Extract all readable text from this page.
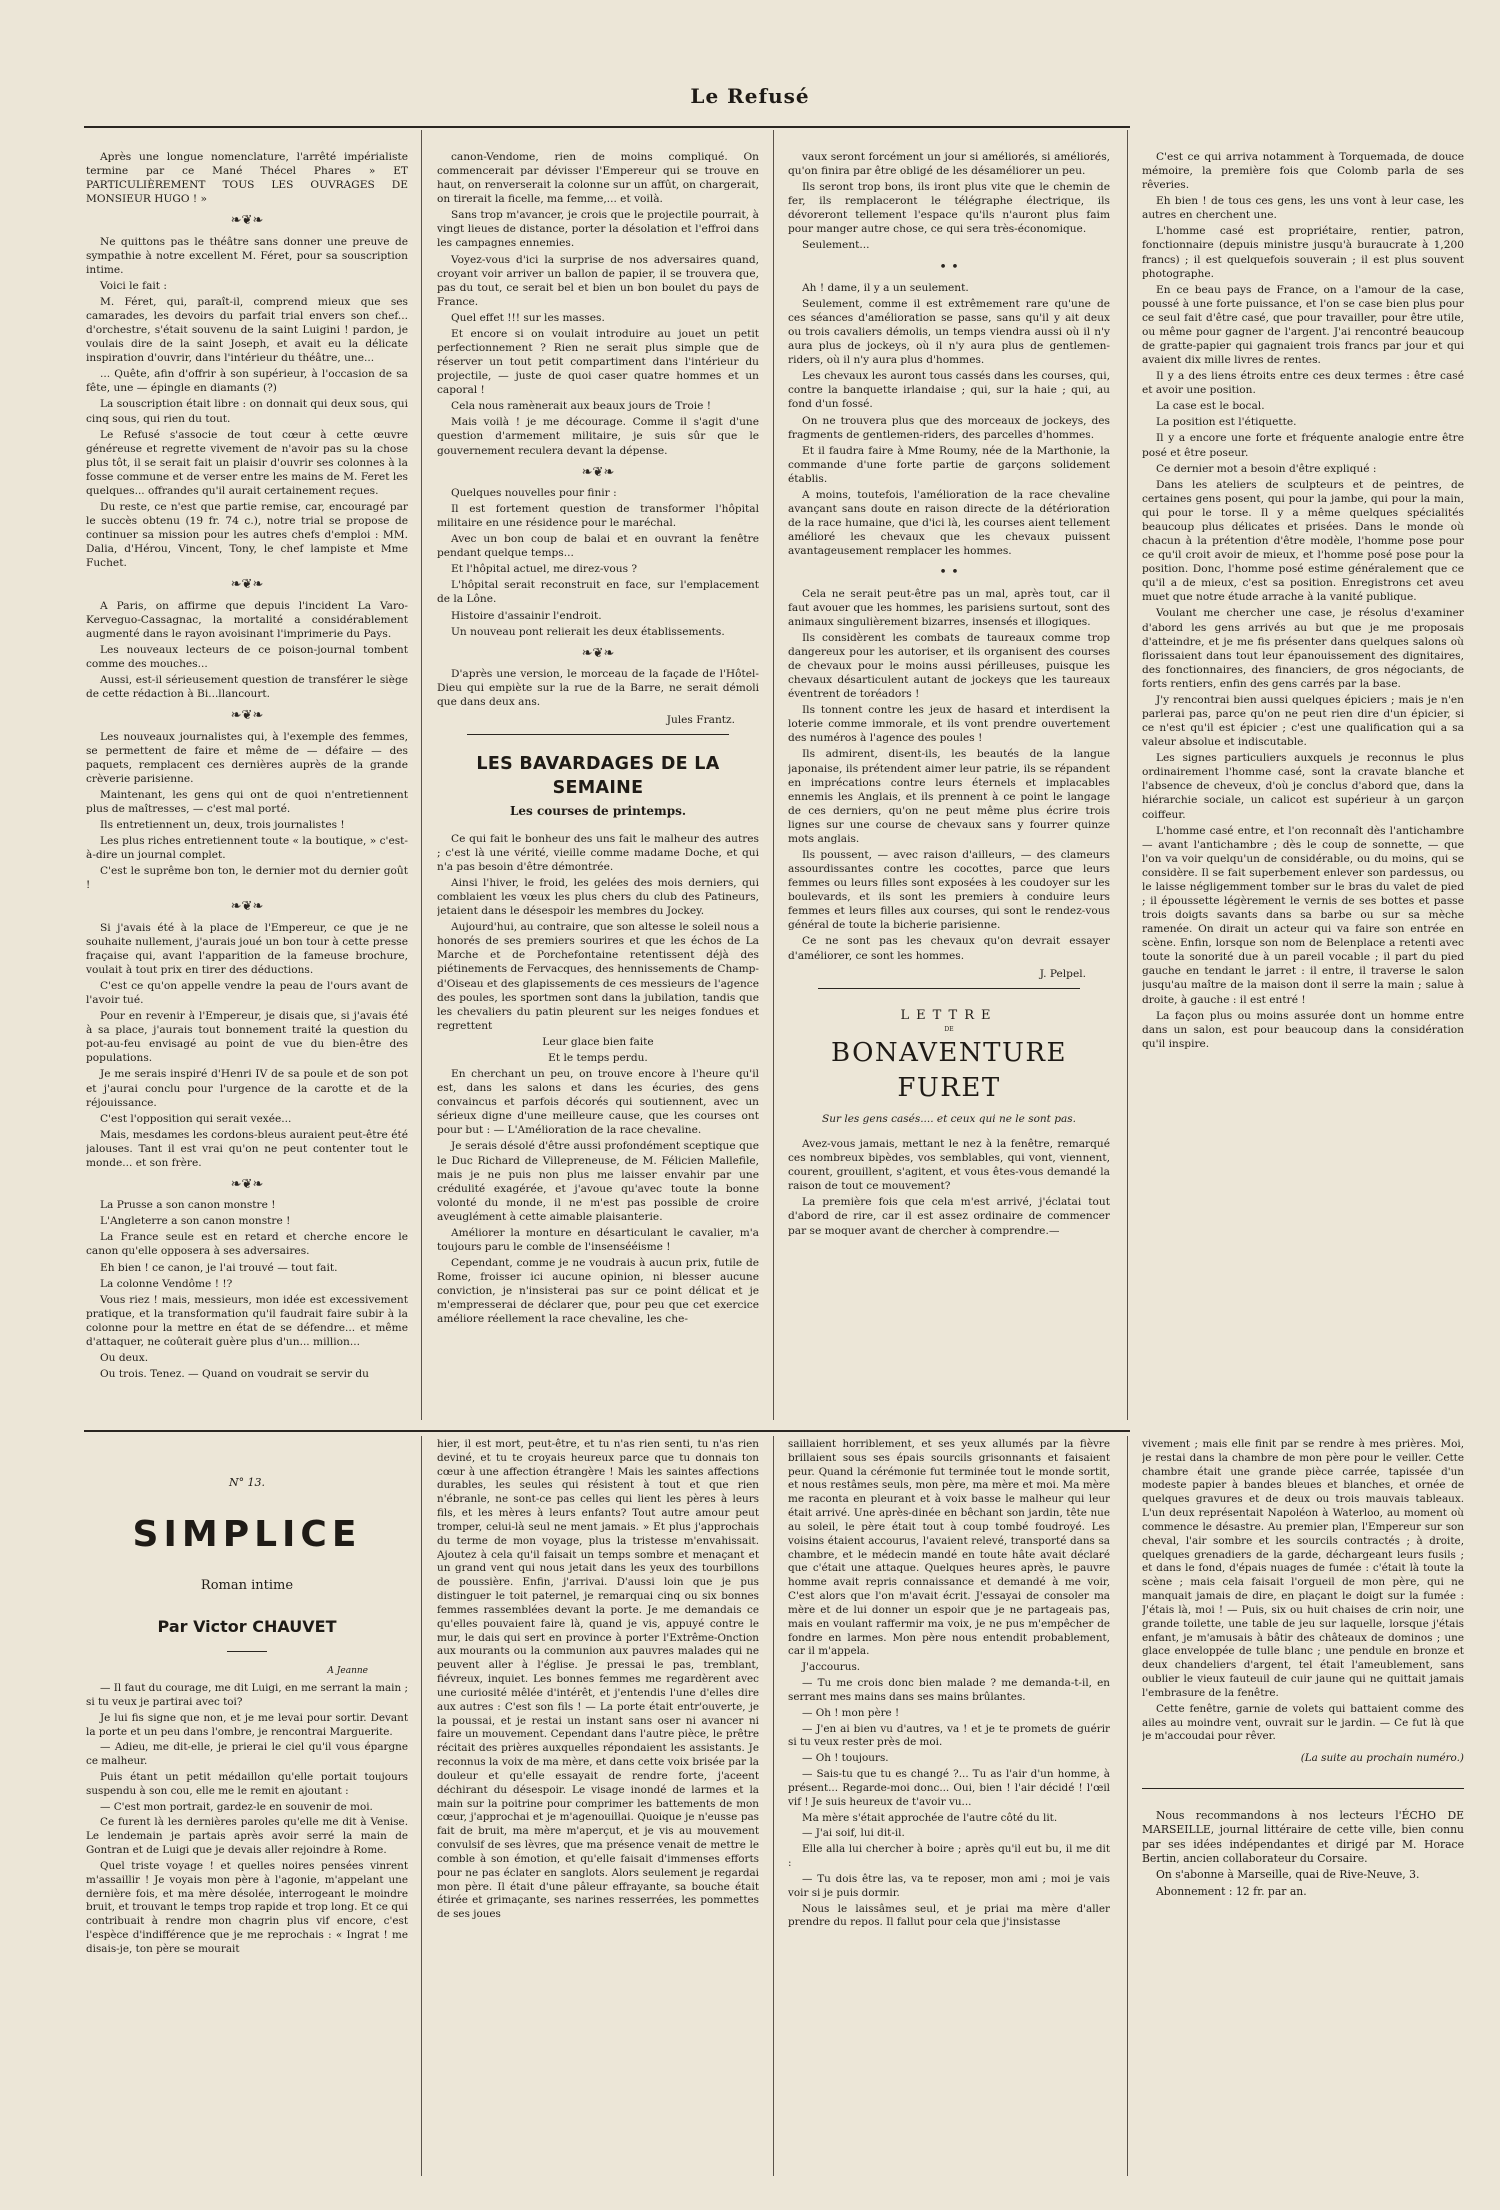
Le Refusé

Après une longue nomenclature, l'arrêté impérialiste termine par ce Mané Thécel Phares » ET PARTICULIÈREMENT TOUS LES OUVRAGES DE MONSIEUR HUGO ! »

❧❦❧

Ne quittons pas le théâtre sans donner une preuve de sympathie à notre excellent M. Féret, pour sa souscription intime.

Voici le fait :

M. Féret, qui, paraît-il, comprend mieux que ses camarades, les devoirs du parfait trial envers son chef... d'orchestre, s'était souvenu de la saint Luigini ! pardon, je voulais dire de la saint Joseph, et avait eu la délicate inspiration d'ouvrir, dans l'intérieur du théâtre, une...

... Quête, afin d'offrir à son supérieur, à l'occasion de sa fête, une — épingle en diamants (?)

La souscription était libre : on donnait qui deux sous, qui cinq sous, qui rien du tout.

Le Refusé s'associe de tout cœur à cette œuvre généreuse et regrette vivement de n'avoir pas su la chose plus tôt, il se serait fait un plaisir d'ouvrir ses colonnes à la fosse commune et de verser entre les mains de M. Feret les quelques... offrandes qu'il aurait certainement reçues.

Du reste, ce n'est que partie remise, car, encouragé par le succès obtenu (19 fr. 74 c.), notre trial se propose de continuer sa mission pour les autres chefs d'emploi : MM. Dalia, d'Hérou, Vincent, Tony, le chef lampiste et Mme Fuchet.

❧❦❧

A Paris, on affirme que depuis l'incident La Varo-Kerveguo-Cassagnac, la mortalité a considérablement augmenté dans le rayon avoisinant l'imprimerie du Pays.

Les nouveaux lecteurs de ce poison-journal tombent comme des mouches...

Aussi, est-il sérieusement question de transférer le siège de cette rédaction à Bi...llancourt.

❧❦❧

Les nouveaux journalistes qui, à l'exemple des femmes, se permettent de faire et même de — défaire — des paquets, remplacent ces dernières auprès de la grande crèverie parisienne.

Maintenant, les gens qui ont de quoi n'entretiennent plus de maîtresses, — c'est mal porté.

Ils entretiennent un, deux, trois journalistes !

Les plus riches entretiennent toute « la boutique, » c'est-à-dire un journal complet.

C'est le suprême bon ton, le dernier mot du dernier goût !

❧❦❧

Si j'avais été à la place de l'Empereur, ce que je ne souhaite nullement, j'aurais joué un bon tour à cette presse fraçaise qui, avant l'apparition de la fameuse brochure, voulait à tout prix en tirer des déductions.

C'est ce qu'on appelle vendre la peau de l'ours avant de l'avoir tué.

Pour en revenir à l'Empereur, je disais que, si j'avais été à sa place, j'aurais tout bonnement traité la question du pot-au-feu envisagé au point de vue du bien-être des populations.

Je me serais inspiré d'Henri IV de sa poule et de son pot et j'aurai conclu pour l'urgence de la carotte et de la réjouissance.

C'est l'opposition qui serait vexée...

Mais, mesdames les cordons-bleus auraient peut-être été jalouses. Tant il est vrai qu'on ne peut contenter tout le monde... et son frère.

❧❦❧

La Prusse a son canon monstre !

L'Angleterre a son canon monstre !

La France seule est en retard et cherche encore le canon qu'elle opposera à ses adversaires.

Eh bien ! ce canon, je l'ai trouvé — tout fait.

La colonne Vendôme ! !?

Vous riez ! mais, messieurs, mon idée est excessivement pratique, et la transformation qu'il faudrait faire subir à la colonne pour la mettre en état de se défendre... et même d'attaquer, ne coûterait guère plus d'un... million...

Ou deux.

Ou trois. Tenez. — Quand on voudrait se servir du

canon-Vendome, rien de moins compliqué. On commencerait par dévisser l'Empereur qui se trouve en haut, on renverserait la colonne sur un affût, on chargerait, on tirerait la ficelle, ma femme,... et voilà.

Sans trop m'avancer, je crois que le projectile pourrait, à vingt lieues de distance, porter la désolation et l'effroi dans les campagnes ennemies.

Voyez-vous d'ici la surprise de nos adversaires quand, croyant voir arriver un ballon de papier, il se trouvera que, pas du tout, ce serait bel et bien un bon boulet du pays de France.

Quel effet !!! sur les masses.

Et encore si on voulait introduire au jouet un petit perfectionnement ? Rien ne serait plus simple que de réserver un tout petit compartiment dans l'intérieur du projectile, — juste de quoi caser quatre hommes et un caporal !

Cela nous ramènerait aux beaux jours de Troie !

Mais voilà ! je me décourage. Comme il s'agit d'une question d'armement militaire, je suis sûr que le gouvernement reculera devant la dépense.

❧❦❧

Quelques nouvelles pour finir :

Il est fortement question de transformer l'hôpital militaire en une résidence pour le maréchal.

Avec un bon coup de balai et en ouvrant la fenêtre pendant quelque temps...

Et l'hôpital actuel, me direz-vous ?

L'hôpital serait reconstruit en face, sur l'emplacement de la Lône.

Histoire d'assainir l'endroit.

Un nouveau pont relierait les deux établissements.

❧❦❧

D'après une version, le morceau de la façade de l'Hôtel-Dieu qui empiète sur la rue de la Barre, ne serait démoli que dans deux ans.

Jules Frantz.
LES BAVARDAGES DE LA SEMAINE
Les courses de printemps.

Ce qui fait le bonheur des uns fait le malheur des autres ; c'est là une vérité, vieille comme madame Doche, et qui n'a pas besoin d'être démontrée.

Ainsi l'hiver, le froid, les gelées des mois derniers, qui comblaient les vœux les plus chers du club des Patineurs, jetaient dans le désespoir les membres du Jockey.

Aujourd'hui, au contraire, que son altesse le soleil nous a honorés de ses premiers sourires et que les échos de La Marche et de Porchefontaine retentissent déjà des piétinements de Fervacques, des hennissements de Champ-d'Oiseau et des glapissements de ces messieurs de l'agence des poules, les sportmen sont dans la jubilation, tandis que les chevaliers du patin pleurent sur les neiges fondues et regrettent

Leur glace bien faite

Et le temps perdu.

En cherchant un peu, on trouve encore à l'heure qu'il est, dans les salons et dans les écuries, des gens convaincus et parfois décorés qui soutiennent, avec un sérieux digne d'une meilleure cause, que les courses ont pour but : — L'Amélioration de la race chevaline.

Je serais désolé d'être aussi profondément sceptique que le Duc Richard de Villepreneuse, de M. Félicien Mallefile, mais je ne puis non plus me laisser envahir par une crédulité exagérée, et j'avoue qu'avec toute la bonne volonté du monde, il ne m'est pas possible de croire aveuglément à cette aimable plaisanterie.

Améliorer la monture en désarticulant le cavalier, m'a toujours paru le comble de l'insensééisme !

Cependant, comme je ne voudrais à aucun prix, futile de Rome, froisser ici aucune opinion, ni blesser aucune conviction, je n'insisterai pas sur ce point délicat et je m'empresserai de déclarer que, pour peu que cet exercice améliore réellement la race chevaline, les che-

vaux seront forcément un jour si améliorés, si améliorés, qu'on finira par être obligé de les désaméliorer un peu.

Ils seront trop bons, ils iront plus vite que le chemin de fer, ils remplaceront le télégraphe électrique, ils dévoreront tellement l'espace qu'ils n'auront plus faim pour manger autre chose, ce qui sera très-économique.

Seulement...

• •

Ah ! dame, il y a un seulement.

Seulement, comme il est extrêmement rare qu'une de ces séances d'amélioration se passe, sans qu'il y ait deux ou trois cavaliers démolis, un temps viendra aussi où il n'y aura plus de jockeys, où il n'y aura plus de gentlemen-riders, où il n'y aura plus d'hommes.

Les chevaux les auront tous cassés dans les courses, qui, contre la banquette irlandaise ; qui, sur la haie ; qui, au fond d'un fossé.

On ne trouvera plus que des morceaux de jockeys, des fragments de gentlemen-riders, des parcelles d'hommes.

Et il faudra faire à Mme Roumy, née de la Marthonie, la commande d'une forte partie de garçons solidement établis.

A moins, toutefois, l'amélioration de la race chevaline avançant sans doute en raison directe de la détérioration de la race humaine, que d'ici là, les courses aient tellement amélioré les chevaux que les chevaux puissent avantageusement remplacer les hommes.

• •

Cela ne serait peut-être pas un mal, après tout, car il faut avouer que les hommes, les parisiens surtout, sont des animaux singulièrement bizarres, insensés et illogiques.

Ils considèrent les combats de taureaux comme trop dangereux pour les autoriser, et ils organisent des courses de chevaux pour le moins aussi périlleuses, puisque les chevaux désarticulent autant de jockeys que les taureaux éventrent de toréadors !

Ils tonnent contre les jeux de hasard et interdisent la loterie comme immorale, et ils vont prendre ouvertement des numéros à l'agence des poules !

Ils admirent, disent-ils, les beautés de la langue japonaise, ils prétendent aimer leur patrie, ils se répandent en imprécations contre leurs éternels et implacables ennemis les Anglais, et ils prennent à ce point le langage de ces derniers, qu'on ne peut même plus écrire trois lignes sur une course de chevaux sans y fourrer quinze mots anglais.

Ils poussent, — avec raison d'ailleurs, — des clameurs assourdissantes contre les cocottes, parce que leurs femmes ou leurs filles sont exposées à les coudoyer sur les boulevards, et ils sont les premiers à conduire leurs femmes et leurs filles aux courses, qui sont le rendez-vous général de toute la bicherie parisienne.

Ce ne sont pas les chevaux qu'on devrait essayer d'améliorer, ce sont les hommes.

J. Pelpel.
LETTRE
DE
BONAVENTURE FURET
Sur les gens casés.... et ceux qui ne le sont pas.

Avez-vous jamais, mettant le nez à la fenêtre, remarqué ces nombreux bipèdes, vos semblables, qui vont, viennent, courent, grouillent, s'agitent, et vous êtes-vous demandé la raison de tout ce mouvement?

La première fois que cela m'est arrivé, j'éclatai tout d'abord de rire, car il est assez ordinaire de commencer par se moquer avant de chercher à comprendre.—

C'est ce qui arriva notamment à Torquemada, de douce mémoire, la première fois que Colomb parla de ses rêveries.

Eh bien ! de tous ces gens, les uns vont à leur case, les autres en cherchent une.

L'homme casé est propriétaire, rentier, patron, fonctionnaire (depuis ministre jusqu'à buraucrate à 1,200 francs) ; il est quelquefois souverain ; il est plus souvent photographe.

En ce beau pays de France, on a l'amour de la case, poussé à une forte puissance, et l'on se case bien plus pour ce seul fait d'être casé, que pour travailler, pour être utile, ou même pour gagner de l'argent. J'ai rencontré beaucoup de gratte-papier qui gagnaient trois francs par jour et qui avaient dix mille livres de rentes.

Il y a des liens étroits entre ces deux termes : être casé et avoir une position.

La case est le bocal.

La position est l'étiquette.

Il y a encore une forte et fréquente analogie entre être posé et être poseur.

Ce dernier mot a besoin d'être expliqué :

Dans les ateliers de sculpteurs et de peintres, de certaines gens posent, qui pour la jambe, qui pour la main, qui pour le torse. Il y a même quelques spécialités beaucoup plus délicates et prisées. Dans le monde où chacun à la prétention d'être modèle, l'homme pose pour ce qu'il croit avoir de mieux, et l'homme posé pose pour la position. Donc, l'homme posé estime généralement que ce qu'il a de mieux, c'est sa position. Enregistrons cet aveu muet que notre étude arrache à la vanité publique.

Voulant me chercher une case, je résolus d'examiner d'abord les gens arrivés au but que je me proposais d'atteindre, et je me fis présenter dans quelques salons où florissaient dans tout leur épanouissement des dignitaires, des fonctionnaires, des financiers, de gros négociants, de forts rentiers, enfin des gens carrés par la base.

J'y rencontrai bien aussi quelques épiciers ; mais je n'en parlerai pas, parce qu'on ne peut rien dire d'un épicier, si ce n'est qu'il est épicier ; c'est une qualification qui a sa valeur absolue et indiscutable.

Les signes particuliers auxquels je reconnus le plus ordinairement l'homme casé, sont la cravate blanche et l'absence de cheveux, d'où je conclus d'abord que, dans la hiérarchie sociale, un calicot est supérieur à un garçon coiffeur.

L'homme casé entre, et l'on reconnaît dès l'antichambre — avant l'antichambre ; dès le coup de sonnette, — que l'on va voir quelqu'un de considérable, ou du moins, qui se considère. Il se fait superbement enlever son pardessus, ou le laisse négligemment tomber sur le bras du valet de pied ; il époussette légèrement le vernis de ses bottes et passe trois doigts savants dans sa barbe ou sur sa mèche ramenée. On dirait un acteur qui va faire son entrée en scène. Enfin, lorsque son nom de Belenplace a retenti avec toute la sonorité due à un pareil vocable ; il part du pied gauche en tendant le jarret : il entre, il traverse le salon jusqu'au maître de la maison dont il serre la main ; salue à droite, à gauche : il est entré !

La façon plus ou moins assurée dont un homme entre dans un salon, est pour beaucoup dans la considération qu'il inspire.

N° 13.
SIMPLICE
Roman intime
Par Victor CHAUVET
A Jeanne

— Il faut du courage, me dit Luigi, en me serrant la main ; si tu veux je partirai avec toi?

Je lui fis signe que non, et je me levai pour sortir. Devant la porte et un peu dans l'ombre, je rencontrai Marguerite.

— Adieu, me dit-elle, je prierai le ciel qu'il vous épargne ce malheur.

Puis étant un petit médaillon qu'elle portait toujours suspendu à son cou, elle me le remit en ajoutant :

— C'est mon portrait, gardez-le en souvenir de moi.

Ce furent là les dernières paroles qu'elle me dit à Venise. Le lendemain je partais après avoir serré la main de Gontran et de Luigi que je devais aller rejoindre à Rome.

Quel triste voyage ! et quelles noires pensées vinrent m'assaillir ! Je voyais mon père à l'agonie, m'appelant une dernière fois, et ma mère désolée, interrogeant le moindre bruit, et trouvant le temps trop rapide et trop long. Et ce qui contribuait à rendre mon chagrin plus vif encore, c'est l'espèce d'indifférence que je me reprochais : « Ingrat ! me disais-je, ton père se mourait

hier, il est mort, peut-être, et tu n'as rien senti, tu n'as rien deviné, et tu te croyais heureux parce que tu donnais ton cœur à une affection étrangère ! Mais les saintes affections durables, les seules qui résistent à tout et que rien n'ébranle, ne sont-ce pas celles qui lient les pères à leurs fils, et les mères à leurs enfants? Tout autre amour peut tromper, celui-là seul ne ment jamais. » Et plus j'approchais du terme de mon voyage, plus la tristesse m'envahissait. Ajoutez à cela qu'il faisait un temps sombre et menaçant et un grand vent qui nous jetait dans les yeux des tourbillons de poussière. Enfin, j'arrivai. D'aussi loin que je pus distinguer le toit paternel, je remarquai cinq ou six bonnes femmes rassemblées devant la porte. Je me demandais ce qu'elles pouvaient faire là, quand je vis, appuyé contre le mur, le dais qui sert en province à porter l'Extrême-Onction aux mourants ou la communion aux pauvres malades qui ne peuvent aller à l'église. Je pressai le pas, tremblant, fiévreux, inquiet. Les bonnes femmes me regardèrent avec une curiosité mêlée d'intérêt, et j'entendis l'une d'elles dire aux autres : C'est son fils ! — La porte était entr'ouverte, je la poussai, et je restai un instant sans oser ni avancer ni faire un mouvement. Cependant dans l'autre pièce, le prêtre récitait des prières auxquelles répondaient les assistants. Je reconnus la voix de ma mère, et dans cette voix brisée par la douleur et qu'elle essayait de rendre forte, j'aceent déchirant du désespoir. Le visage inondé de larmes et la main sur la poitrine pour comprimer les battements de mon cœur, j'approchai et je m'agenouillai. Quoique je n'eusse pas fait de bruit, ma mère m'aperçut, et je vis au mouvement convulsif de ses lèvres, que ma présence venait de mettre le comble à son émotion, et qu'elle faisait d'immenses efforts pour ne pas éclater en sanglots. Alors seulement je regardai mon père. Il était d'une pâleur effrayante, sa bouche était étirée et grimaçante, ses narines resserrées, les pommettes de ses joues

saillaient horriblement, et ses yeux allumés par la fièvre brillaient sous ses épais sourcils grisonnants et faisaient peur. Quand la cérémonie fut terminée tout le monde sortit, et nous restâmes seuls, mon père, ma mère et moi. Ma mère me raconta en pleurant et à voix basse le malheur qui leur était arrivé. Une après-dinée en bêchant son jardin, tête nue au soleil, le père était tout à coup tombé foudroyé. Les voisins étaient accourus, l'avaient relevé, transporté dans sa chambre, et le médecin mandé en toute hâte avait déclaré que c'était une attaque. Quelques heures après, le pauvre homme avait repris connaissance et demandé à me voir, C'est alors que l'on m'avait écrit. J'essayai de consoler ma mère et de lui donner un espoir que je ne partageais pas, mais en voulant raffermir ma voix, je ne pus m'empêcher de fondre en larmes. Mon père nous entendit probablement, car il m'appela.

J'accourus.

— Tu me crois donc bien malade ? me demanda-t-il, en serrant mes mains dans ses mains brûlantes.

— Oh ! mon père !

— J'en ai bien vu d'autres, va ! et je te promets de guérir si tu veux rester près de moi.

— Oh ! toujours.

— Sais-tu que tu es changé ?... Tu as l'air d'un homme, à présent... Regarde-moi donc... Oui, bien ! l'air décidé ! l'œil vif ! Je suis heureux de t'avoir vu...

Ma mère s'était approchée de l'autre côté du lit.

— J'ai soif, lui dit-il.

Elle alla lui chercher à boire ; après qu'il eut bu, il me dit :

— Tu dois être las, va te reposer, mon ami ; moi je vais voir si je puis dormir.

Nous le laissâmes seul, et je priai ma mère d'aller prendre du repos. Il fallut pour cela que j'insistasse

vivement ; mais elle finit par se rendre à mes prières. Moi, je restai dans la chambre de mon père pour le veiller. Cette chambre était une grande pièce carrée, tapissée d'un modeste papier à bandes bleues et blanches, et ornée de quelques gravures et de deux ou trois mauvais tableaux. L'un deux représentait Napoléon à Waterloo, au moment où commence le désastre. Au premier plan, l'Empereur sur son cheval, l'air sombre et les sourcils contractés ; à droite, quelques grenadiers de la garde, déchargeant leurs fusils ; et dans le fond, d'épais nuages de fumée : c'était là toute la scène ; mais cela faisait l'orgueil de mon père, qui ne manquait jamais de dire, en plaçant le doigt sur la fumée : J'étais là, moi ! — Puis, six ou huit chaises de crin noir, une grande toilette, une table de jeu sur laquelle, lorsque j'étais enfant, je m'amusais à bâtir des châteaux de dominos ; une glace enveloppée de tulle blanc ; une pendule en bronze et deux chandeliers d'argent, tel était l'ameublement, sans oublier le vieux fauteuil de cuir jaune qui ne quittait jamais l'embrasure de la fenêtre.

Cette fenêtre, garnie de volets qui battaient comme des ailes au moindre vent, ouvrait sur le jardin. — Ce fut là que je m'accoudai pour rêver.

(La suite au prochain numéro.)

Nous recommandons à nos lecteurs l'ÉCHO DE MARSEILLE, journal littéraire de cette ville, bien connu par ses idées indépendantes et dirigé par M. Horace Bertin, ancien collaborateur du Corsaire.

On s'abonne à Marseille, quai de Rive-Neuve, 3.

Abonnement : 12 fr. par an.
